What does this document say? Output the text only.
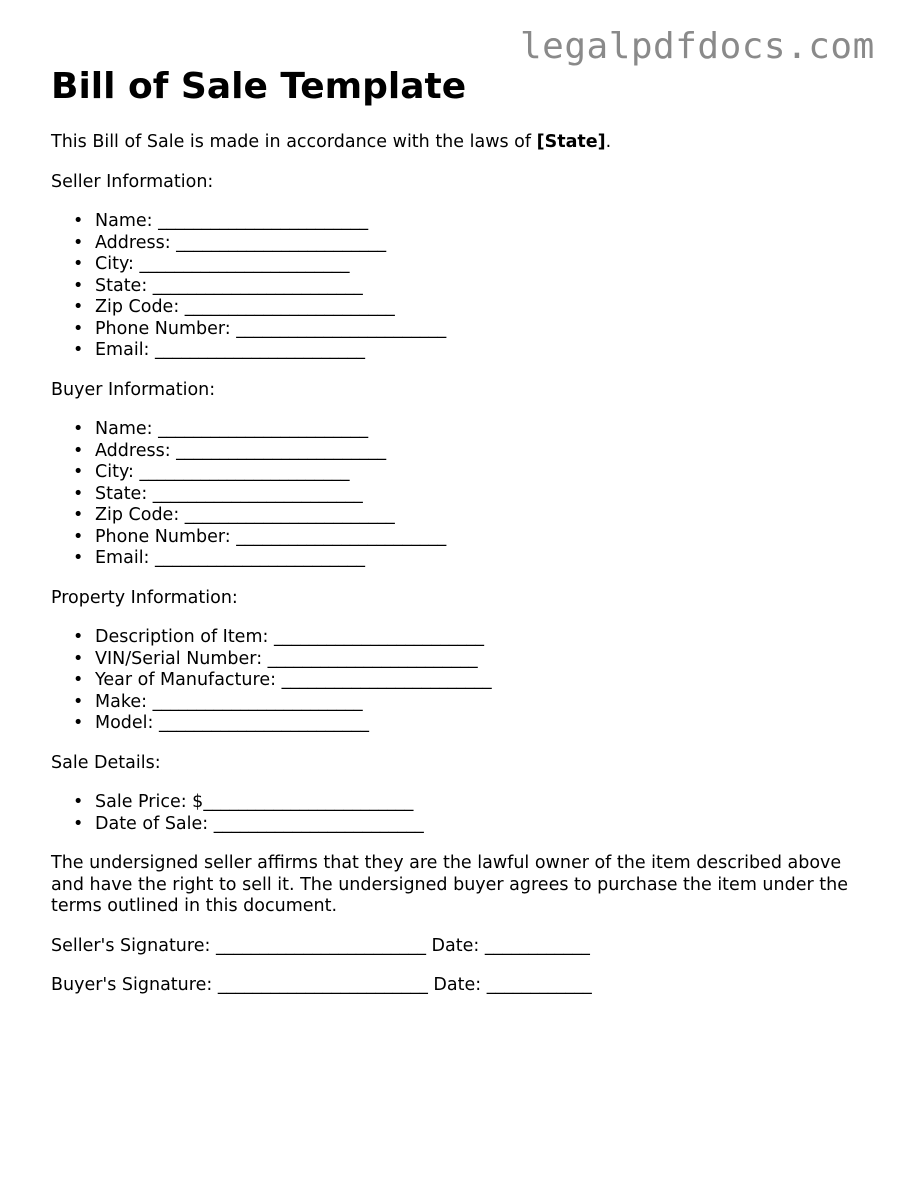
legalpdfdocs.com
Bill of Sale Template

This Bill of Sale is made in accordance with the laws of [State].

Seller Information:

• Name: ________________________
• Address: ________________________
• City: ________________________
• State: ________________________
• Zip Code: ________________________
• Phone Number: ________________________
• Email: ________________________

Buyer Information:

• Name: ________________________
• Address: ________________________
• City: ________________________
• State: ________________________
• Zip Code: ________________________
• Phone Number: ________________________
• Email: ________________________

Property Information:

• Description of Item: ________________________
• VIN/Serial Number: ________________________
• Year of Manufacture: ________________________
• Make: ________________________
• Model: ________________________

Sale Details:

• Sale Price: $________________________
• Date of Sale: ________________________

The undersigned seller affirms that they are the lawful owner of the item described above and have the right to sell it. The undersigned buyer agrees to purchase the item under the terms outlined in this document.

Seller's Signature: ________________________ Date: ____________

Buyer's Signature: ________________________ Date: ____________
